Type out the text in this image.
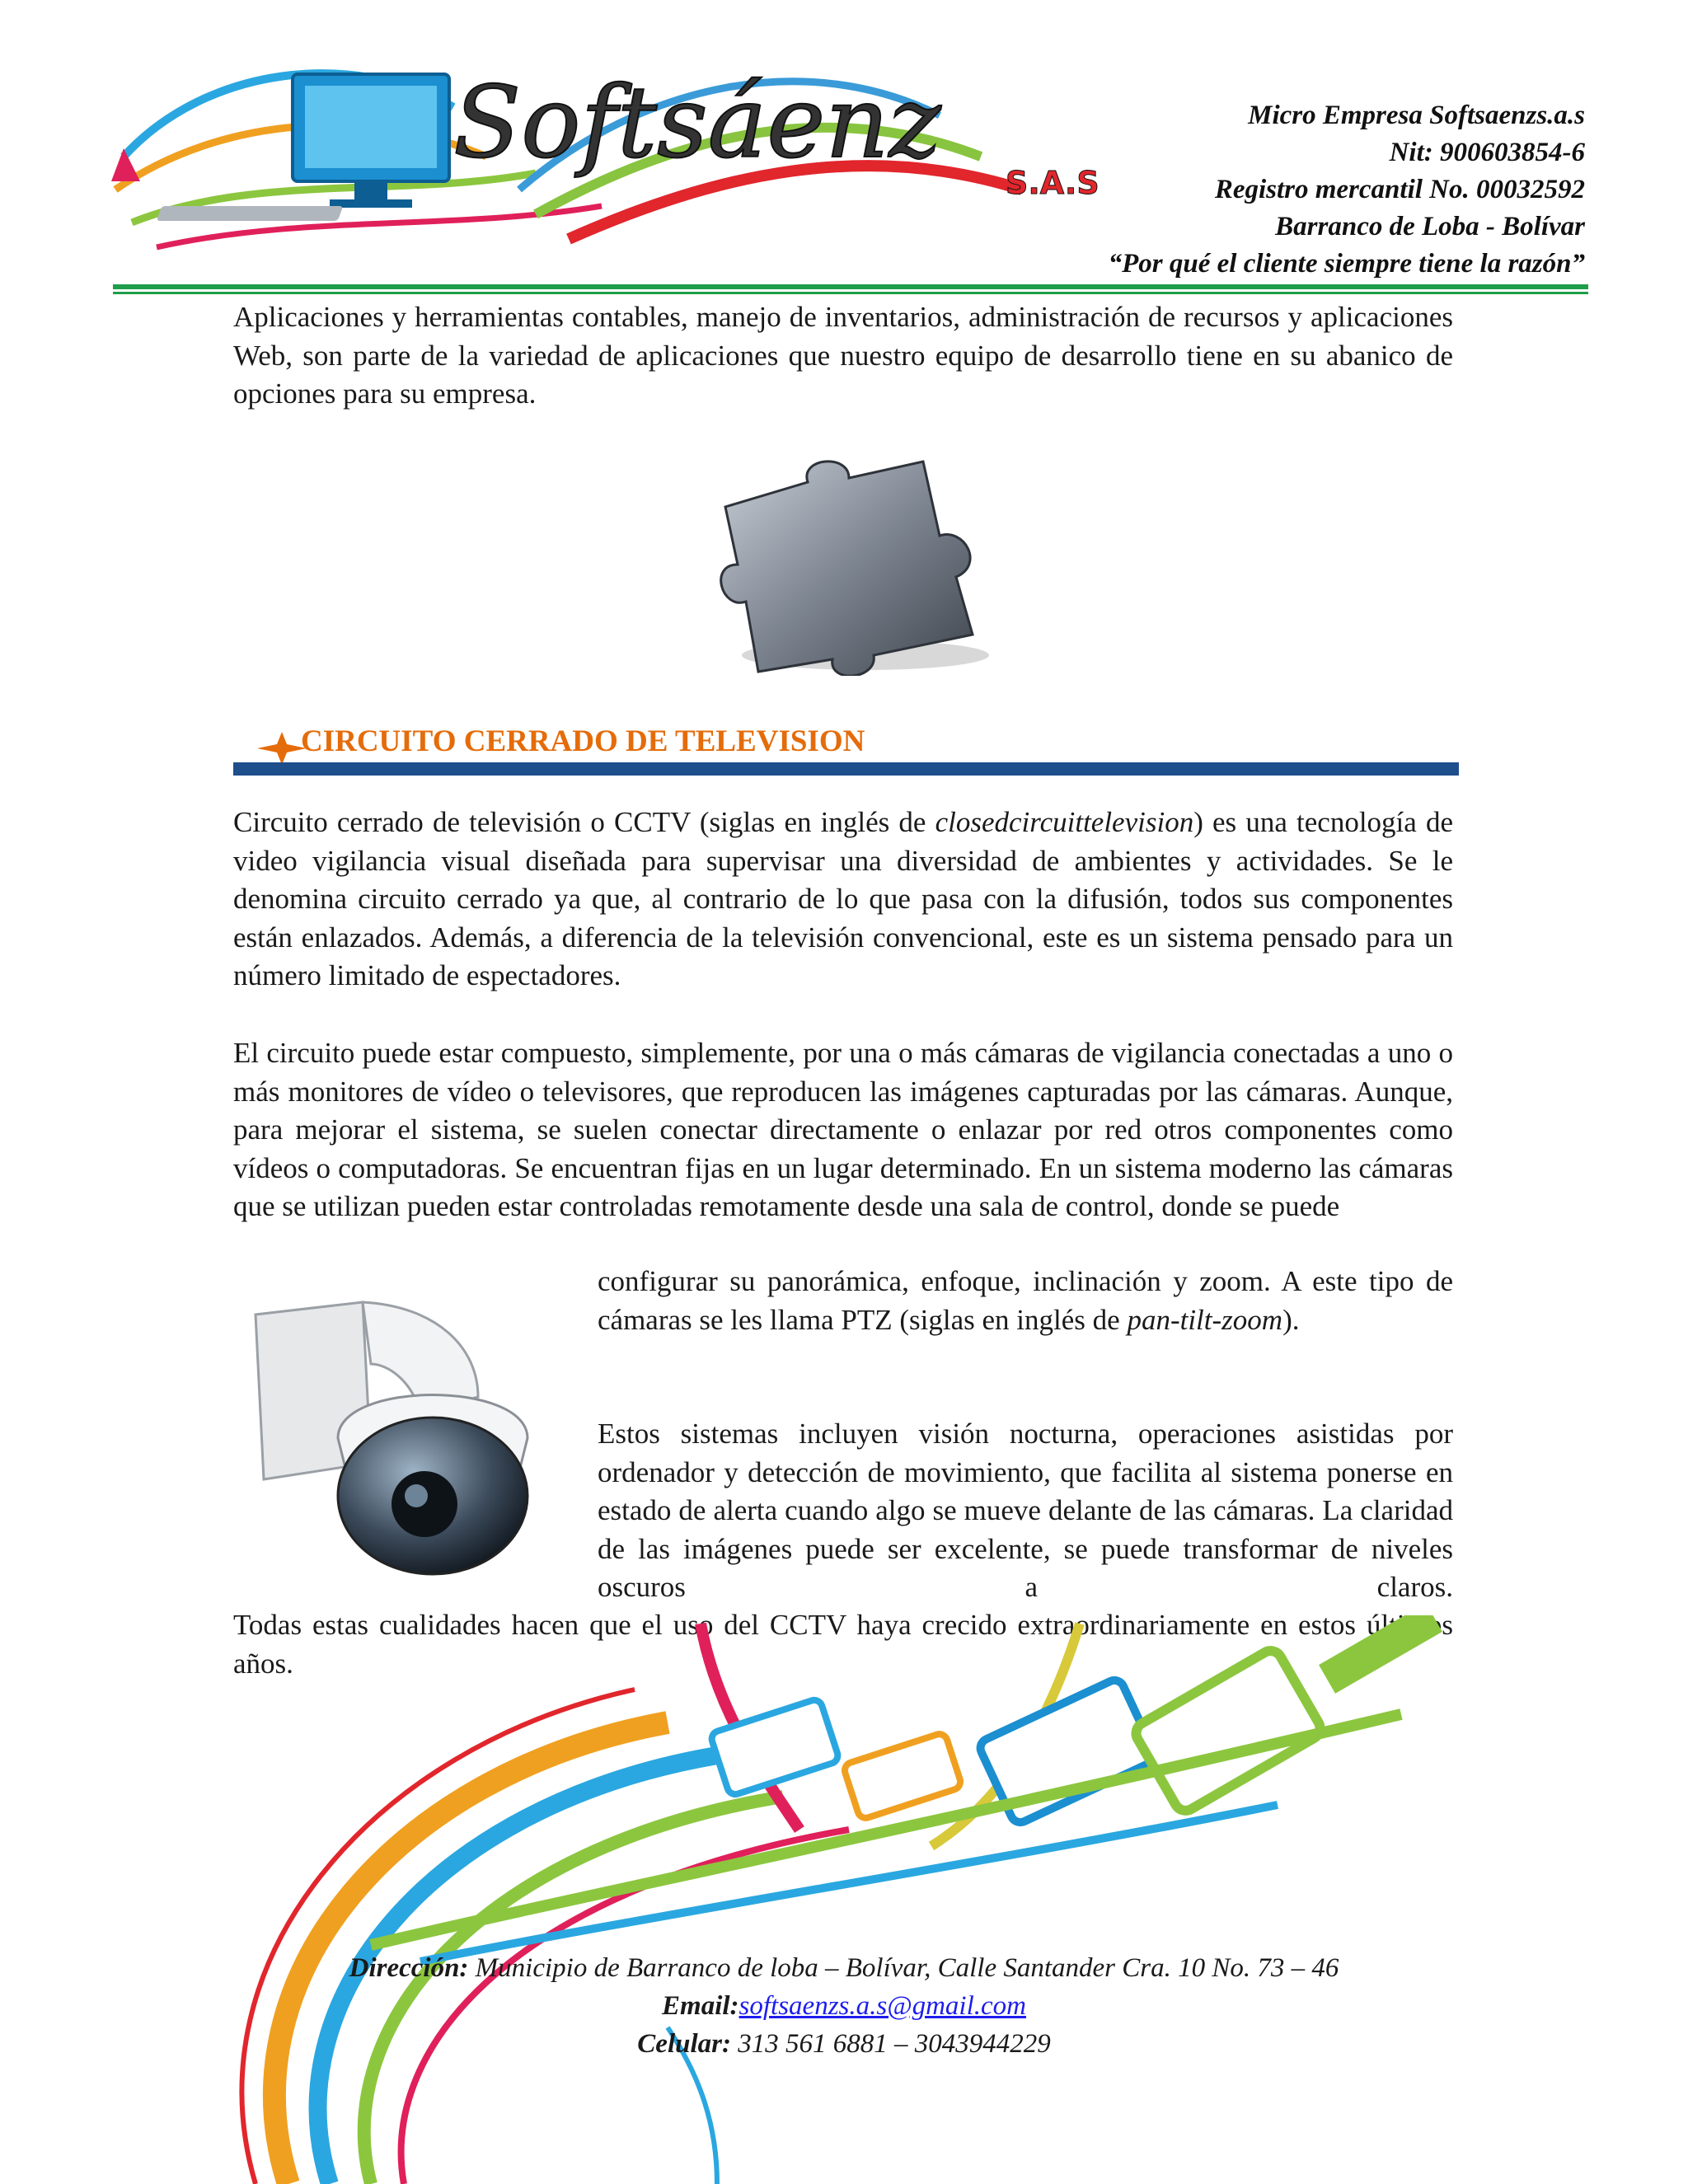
Softsáenz
S.A.S
Micro Empresa Softsaenzs.a.s
Nit: 900603854-6
Registro mercantil No. 00032592
Barranco de Loba - Bolívar
“Por qué el cliente siempre tiene la razón”
Aplicaciones y herramientas contables, manejo de inventarios, administración de recursos y aplicaciones Web, son parte de la variedad de aplicaciones que nuestro equipo de desarrollo tiene en su abanico de opciones para su empresa.
CIRCUITO CERRADO DE TELEVISION
Circuito cerrado de televisión o CCTV (siglas en inglés de closedcircuittelevision) es una tecnología de video vigilancia visual diseñada para supervisar una diversidad de ambientes y actividades. Se le denomina circuito cerrado ya que, al contrario de lo que pasa con la difusión, todos sus componentes están enlazados. Además, a diferencia de la televisión convencional, este es un sistema pensado para un número limitado de espectadores.
El circuito puede estar compuesto, simplemente, por una o más cámaras de vigilancia conectadas a uno o más monitores de vídeo o televisores, que reproducen las imágenes capturadas por las cámaras. Aunque, para mejorar el sistema, se suelen conectar directamente o enlazar por red otros componentes como vídeos o computadoras. Se encuentran fijas en un lugar determinado. En un sistema moderno las cámaras que se utilizan pueden estar controladas remotamente desde una sala de control, donde se puede
configurar su panorámica, enfoque, inclinación y zoom. A este tipo de cámaras se les llama PTZ (siglas en inglés de pan-tilt-zoom).
Estos sistemas incluyen visión nocturna, operaciones asistidas por ordenador y detección de movimiento, que facilita al sistema ponerse en estado de alerta cuando algo se mueve delante de las cámaras. La claridad de las imágenes puede ser excelente, se puede transformar de niveles oscuros a claros.
Todas estas cualidades hacen que el uso del CCTV haya crecido extraordinariamente en estos últimos años.
Dirección: Municipio de Barranco de loba – Bolívar, Calle Santander Cra. 10 No. 73 – 46
Email:softsaenzs.a.s@gmail.com
Celular: 313 561 6881 – 3043944229
